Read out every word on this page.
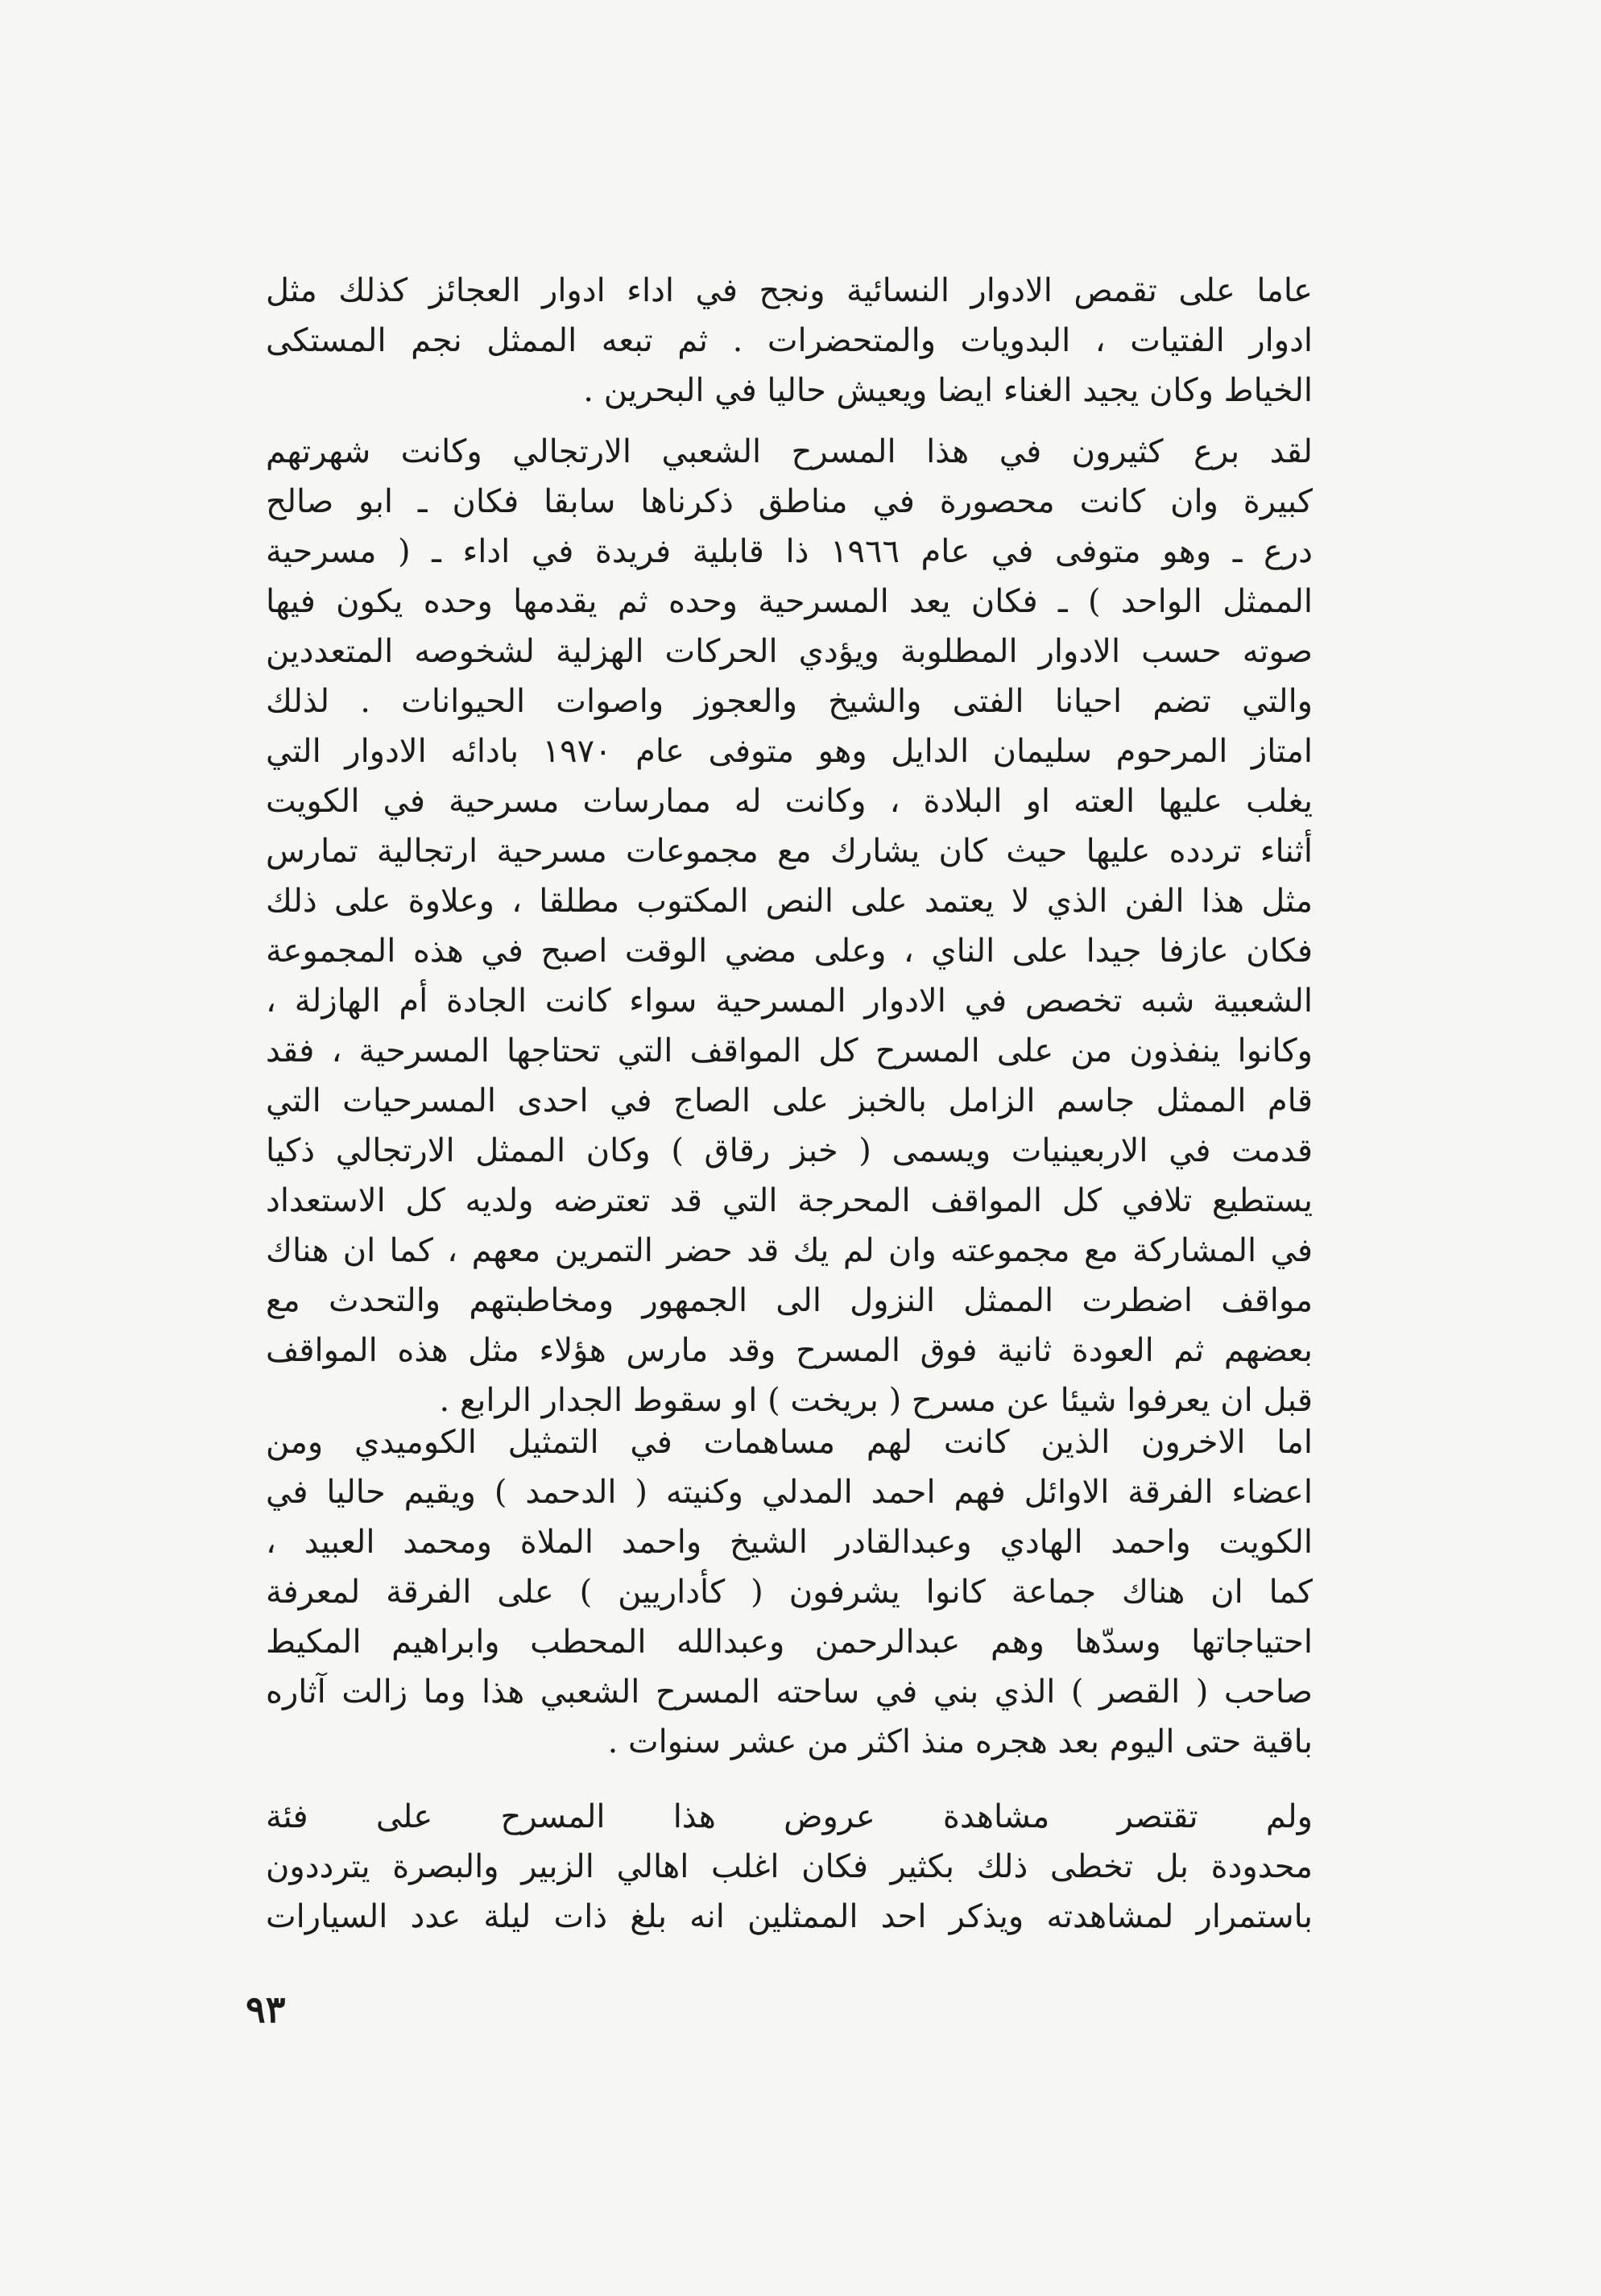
عاما على تقمص الادوار النسائية ونجح في اداء ادوار العجائز كذلك مثل
ادوار الفتيات ، البدويات والمتحضرات . ثم تبعه الممثل نجم المستكى
الخياط وكان يجيد الغناء ايضا ويعيش حاليا في البحرين .
لقد برع كثيرون في هذا المسرح الشعبي الارتجالي وكانت شهرتهم
كبيرة وان كانت محصورة في مناطق ذكرناها سابقا فكان ـ ابو صالح
درع ـ وهو متوفى في عام ١٩٦٦ ذا قابلية فريدة في اداء ـ ( مسرحية
الممثل الواحد ) ـ فكان يعد المسرحية وحده ثم يقدمها وحده يكون فيها
صوته حسب الادوار المطلوبة ويؤدي الحركات الهزلية لشخوصه المتعددين
والتي تضم احيانا الفتى والشيخ والعجوز واصوات الحيوانات . لذلك
امتاز المرحوم سليمان الدايل وهو متوفى عام ١٩٧٠ بادائه الادوار التي
يغلب عليها العته او البلادة ، وكانت له ممارسات مسرحية في الكويت
أثناء تردده عليها حيث كان يشارك مع مجموعات مسرحية ارتجالية تمارس
مثل هذا الفن الذي لا يعتمد على النص المكتوب مطلقا ، وعلاوة على ذلك
فكان عازفا جيدا على الناي ، وعلى مضي الوقت اصبح في هذه المجموعة
الشعبية شبه تخصص في الادوار المسرحية سواء كانت الجادة أم الهازلة ،
وكانوا ينفذون من على المسرح كل المواقف التي تحتاجها المسرحية ، فقد
قام الممثل جاسم الزامل بالخبز على الصاج في احدى المسرحيات التي
قدمت في الاربعينيات ويسمى ( خبز رقاق ) وكان الممثل الارتجالي ذكيا
يستطيع تلافي كل المواقف المحرجة التي قد تعترضه ولديه كل الاستعداد
في المشاركة مع مجموعته وان لم يك قد حضر التمرين معهم ، كما ان هناك
مواقف اضطرت الممثل النزول الى الجمهور ومخاطبتهم والتحدث مع
بعضهم ثم العودة ثانية فوق المسرح وقد مارس هؤلاء مثل هذه المواقف
قبل ان يعرفوا شيئا عن مسرح ( بريخت ) او سقوط الجدار الرابع .
اما الاخرون الذين كانت لهم مساهمات في التمثيل الكوميدي ومن
اعضاء الفرقة الاوائل فهم احمد المدلي وكنيته ( الدحمد ) ويقيم حاليا في
الكويت واحمد الهادي وعبدالقادر الشيخ واحمد الملاة ومحمد العبيد ،
كما ان هناك جماعة كانوا يشرفون ( كأداريين ) على الفرقة لمعرفة
احتياجاتها وسدّها وهم عبدالرحمن وعبدالله المحطب وابراهيم المكيط
صاحب ( القصر ) الذي بني في ساحته المسرح الشعبي هذا وما زالت آثاره
باقية حتى اليوم بعد هجره منذ اكثر من عشر سنوات .
ولم تقتصر مشاهدة عروض هذا المسرح على فئة
محدودة بل تخطى ذلك بكثير فكان اغلب اهالي الزبير والبصرة يترددون
باستمرار لمشاهدته ويذكر احد الممثلين انه بلغ ذات ليلة عدد السيارات
٩٣
